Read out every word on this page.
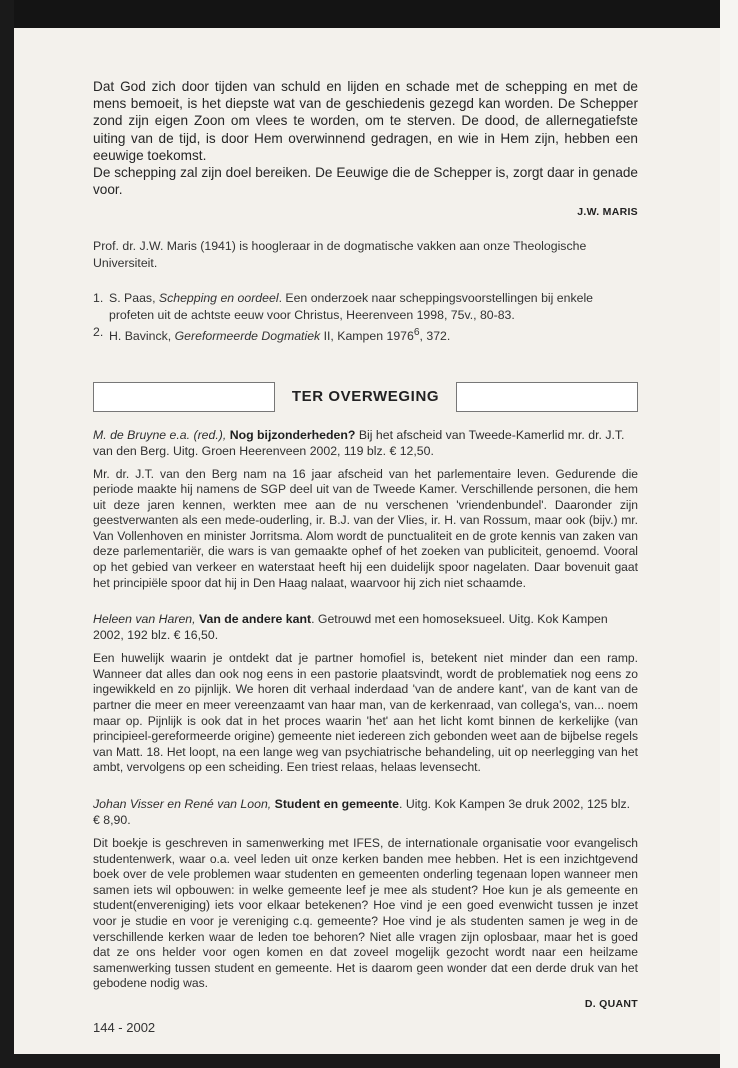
Dat God zich door tijden van schuld en lijden en schade met de schepping en met de mens bemoeit, is het diepste wat van de geschiedenis gezegd kan worden. De Schepper zond zijn eigen Zoon om vlees te worden, om te sterven. De dood, de allernegatiefste uiting van de tijd, is door Hem overwinnend gedragen, en wie in Hem zijn, hebben een eeuwige toekomst.

De schepping zal zijn doel bereiken. De Eeuwige die de Schepper is, zorgt daar in genade voor.

J.W. MARIS

Prof. dr. J.W. Maris (1941) is hoogleraar in de dogmatische vakken aan onze Theologische Universiteit.

1. S. Paas, Schepping en oordeel. Een onderzoek naar scheppingsvoorstellingen bij enkele profeten uit de achtste eeuw voor Christus, Heerenveen 1998, 75v., 80-83.
2. H. Bavinck, Gereformeerde Dogmatiek II, Kampen 1976$^6$, 372.
TER OVERWEGING

M. de Bruyne e.a. (red.), Nog bijzonderheden? Bij het afscheid van Tweede-Kamerlid mr. dr. J.T. van den Berg. Uitg. Groen Heerenveen 2002, 119 blz. € 12,50.

Mr. dr. J.T. van den Berg nam na 16 jaar afscheid van het parlementaire leven. Gedurende die periode maakte hij namens de SGP deel uit van de Tweede Kamer. Verschillende personen, die hem uit deze jaren kennen, werkten mee aan de nu verschenen 'vriendenbundel'. Daaronder zijn geestverwanten als een mede-ouderling, ir. B.J. van der Vlies, ir. H. van Rossum, maar ook (bijv.) mr. Van Vollenhoven en minister Jorritsma. Alom wordt de punctualiteit en de grote kennis van zaken van deze parlementariër, die wars is van gemaakte ophef of het zoeken van publiciteit, genoemd. Vooral op het gebied van verkeer en waterstaat heeft hij een duidelijk spoor nagelaten. Daar bovenuit gaat het principiële spoor dat hij in Den Haag nalaat, waarvoor hij zich niet schaamde.

Heleen van Haren, Van de andere kant. Getrouwd met een homoseksueel. Uitg. Kok Kampen 2002, 192 blz. € 16,50.

Een huwelijk waarin je ontdekt dat je partner homofiel is, betekent niet minder dan een ramp. Wanneer dat alles dan ook nog eens in een pastorie plaatsvindt, wordt de problematiek nog eens zo ingewikkeld en zo pijnlijk. We horen dit verhaal inderdaad 'van de andere kant', van de kant van de partner die meer en meer vereenzaamt van haar man, van de kerkenraad, van collega's, van... noem maar op. Pijnlijk is ook dat in het proces waarin 'het' aan het licht komt binnen de kerkelijke (van principieel-gereformeerde origine) gemeente niet iedereen zich gebonden weet aan de bijbelse regels van Matt. 18. Het loopt, na een lange weg van psychiatrische behandeling, uit op neerlegging van het ambt, vervolgens op een scheiding. Een triest relaas, helaas levensecht.

Johan Visser en René van Loon, Student en gemeente. Uitg. Kok Kampen 3e druk 2002, 125 blz. € 8,90.

Dit boekje is geschreven in samenwerking met IFES, de internationale organisatie voor evangelisch studentenwerk, waar o.a. veel leden uit onze kerken banden mee hebben. Het is een inzichtgevend boek over de vele problemen waar studenten en gemeenten onderling tegenaan lopen wanneer men samen iets wil opbouwen: in welke gemeente leef je mee als student? Hoe kun je als gemeente en student(envereniging) iets voor elkaar betekenen? Hoe vind je een goed evenwicht tussen je inzet voor je studie en voor je vereniging c.q. gemeente? Hoe vind je als studenten samen je weg in de verschillende kerken waar de leden toe behoren? Niet alle vragen zijn oplosbaar, maar het is goed dat ze ons helder voor ogen komen en dat zoveel mogelijk gezocht wordt naar een heilzame samenwerking tussen student en gemeente. Het is daarom geen wonder dat een derde druk van het gebodene nodig was.

D. QUANT
144 - 2002
